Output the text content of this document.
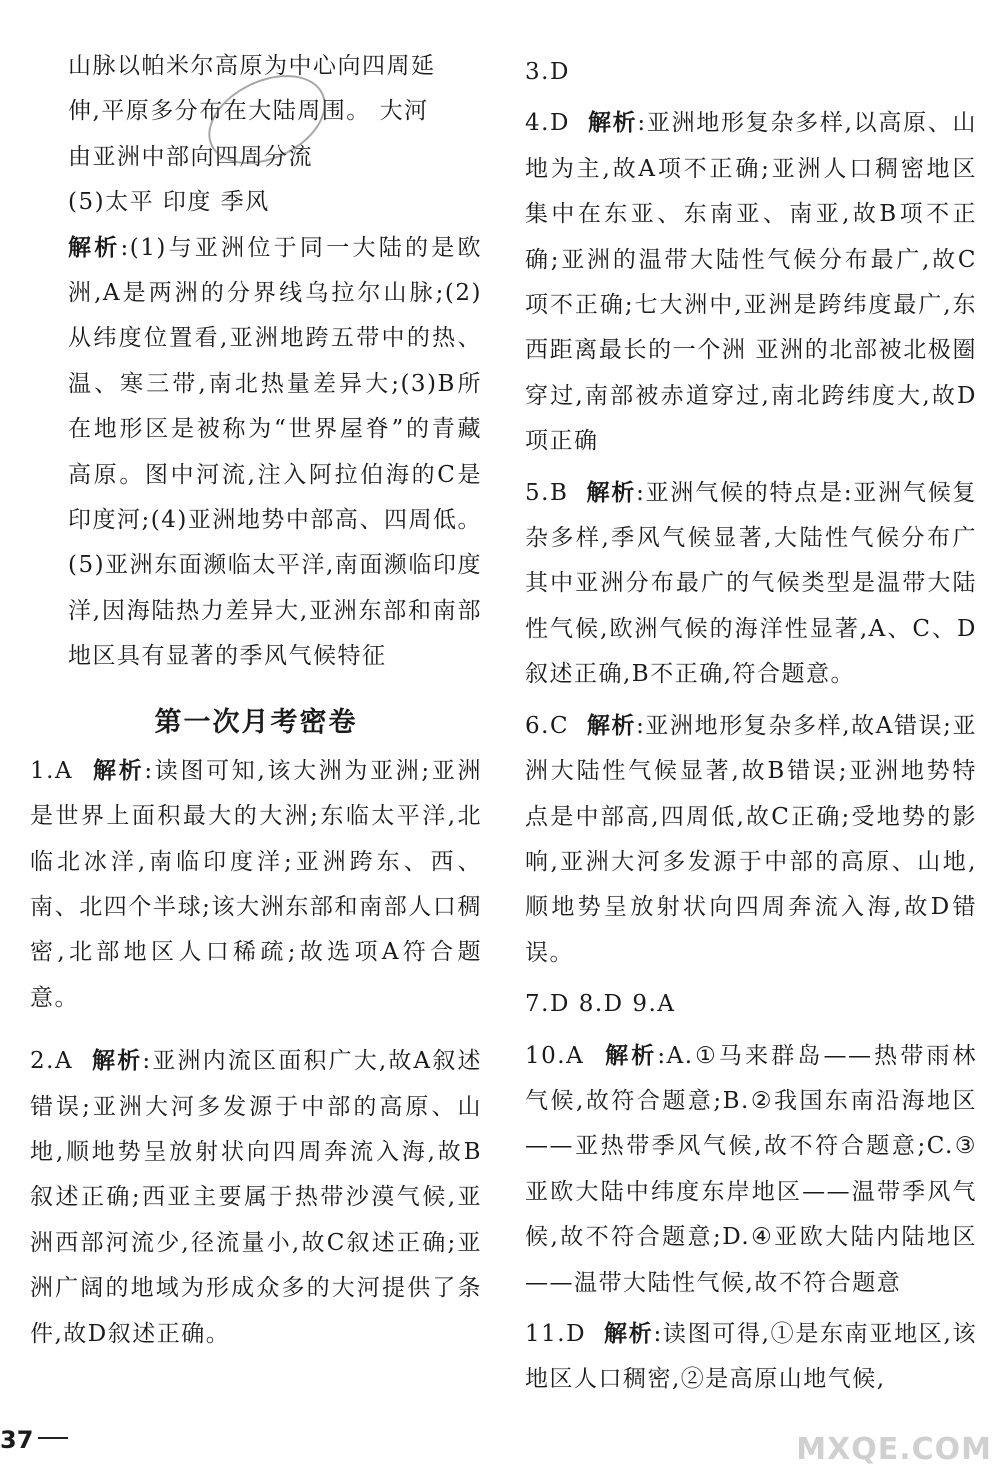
山脉以帕米尔高原为中心向四周延
伸,平原多分布在大陆周围。 大河
由亚洲中部向四周分流
(5)太平 印度 季风
解析:(1)与亚洲位于同一大陆的是欧洲,A是两洲的分界线乌拉尔山脉;(2)从纬度位置看,亚洲地跨五带中的热、温、寒三带,南北热量差异大;(3)B所在地形区是被称为“世界屋脊”的青藏高原。图中河流,注入阿拉伯海的C是印度河;(4)亚洲地势中部高、四周低。(5)亚洲东面濒临太平洋,南面濒临印度洋,因海陆热力差异大,亚洲东部和南部地区具有显著的季风气候特征
第一次月考密卷
1.A 解析:读图可知,该大洲为亚洲;亚洲是世界上面积最大的大洲;东临太平洋,北临北冰洋,南临印度洋;亚洲跨东、西、南、北四个半球;该大洲东部和南部人口稠密,北部地区人口稀疏;故选项A符合题意。
2.A 解析:亚洲内流区面积广大,故A叙述错误;亚洲大河多发源于中部的高原、山地,顺地势呈放射状向四周奔流入海,故B叙述正确;西亚主要属于热带沙漠气候,亚洲西部河流少,径流量小,故C叙述正确;亚洲广阔的地域为形成众多的大河提供了条件,故D叙述正确。
3.D
4.D 解析:亚洲地形复杂多样,以高原、山地为主,故A项不正确;亚洲人口稠密地区集中在东亚、东南亚、南亚,故B项不正确;亚洲的温带大陆性气候分布最广,故C项不正确;七大洲中,亚洲是跨纬度最广,东西距离最长的一个洲 亚洲的北部被北极圈穿过,南部被赤道穿过,南北跨纬度大,故D项正确
5.B 解析:亚洲气候的特点是:亚洲气候复杂多样,季风气候显著,大陆性气候分布广 其中亚洲分布最广的气候类型是温带大陆性气候,欧洲气候的海洋性显著,A、C、D叙述正确,B不正确,符合题意。
6.C 解析:亚洲地形复杂多样,故A错误;亚洲大陆性气候显著,故B错误;亚洲地势特点是中部高,四周低,故C正确;受地势的影响,亚洲大河多发源于中部的高原、山地,顺地势呈放射状向四周奔流入海,故D错误。
7.D 8.D 9.A
10.A 解析:A.①马来群岛——热带雨林气候,故符合题意;B.②我国东南沿海地区——亚热带季风气候,故不符合题意;C.③亚欧大陆中纬度东岸地区——温带季风气候,故不符合题意;D.④亚欧大陆内陆地区——温带大陆性气候,故不符合题意
11.D 解析:读图可得,①是东南亚地区,该地区人口稠密,②是高原山地气候,
37	MXQE.COM
